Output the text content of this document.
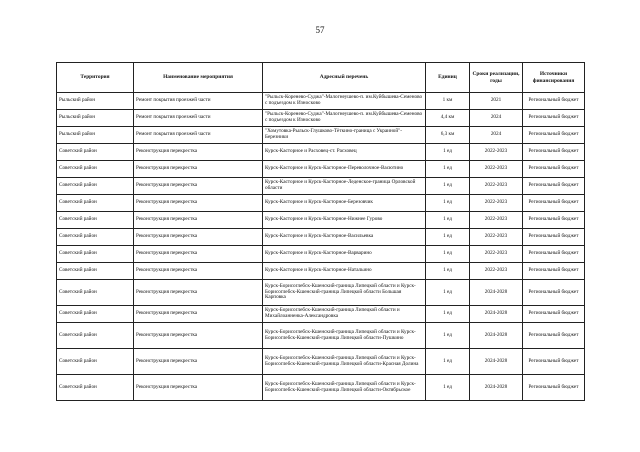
57
Территория	Наименование мероприятия	Адресный перечень	Единиц	Сроки реализации, годы	Источники финансирования
Рыльский район	Ремонт покрытия проезжей части	"Рыльск-Коренево-Суджа"-Малогнеушево-п. им.Куйбышева-Семеново с подъездом к Износково	1 км	2021	Региональный бюджет
Рыльский район	Ремонт покрытия проезжей части	"Рыльск-Коренево-Суджа"-Малогнеушево-п. им.Куйбышева-Семеново с подъездом к Износково	4,4 км	2024	Региональный бюджет
Рыльский район	Ремонт покрытия проезжей части	"Хомутовка-Рыльск-Глушково-Тёткино-граница с Украиной"-Березники	6,3 км	2024	Региональный бюджет
Советский район	Реконструкция перекрестка	Курск-Касторное и Расховец-ст. Расховец	1 ед	2022-2023	Региональный бюджет
Советский район	Реконструкция перекрестка	Курск-Касторное и Курск-Касторное-Переволочное-Васютино	1 ед	2022-2023	Региональный бюджет
Советский район	Реконструкция перекрестка	Курск-Касторное и Курск-Касторное-Леденское-граница Орловской области	1 ед	2022-2023	Региональный бюджет
Советский район	Реконструкция перекрестка	Курск-Касторное и Курск-Касторное-Березовчик	1 ед	2022-2023	Региональный бюджет
Советский район	Реконструкция перекрестка	Курск-Касторное и Курск-Касторное-Нижнее Гурово	1 ед	2022-2023	Региональный бюджет
Советский район	Реконструкция перекрестка	Курск-Касторное и Курск-Касторное-Васильевка	1 ед	2022-2023	Региональный бюджет
Советский район	Реконструкция перекрестка	Курск-Касторное и Курск-Касторное-Варварино	1 ед	2022-2023	Региональный бюджет
Советский район	Реконструкция перекрестка	Курск-Касторное и Курск-Касторное-Натальино	1 ед	2022-2023	Региональный бюджет
Советский район	Реконструкция перекрестка	Курск-Борисоглебск-Кшенский-граница Липецкой области и Курск-Борисоглебск-Кшенский-граница Липецкой области Большая Карповка	1 ед	2024-2028	Региональный бюджет
Советский район	Реконструкция перекрестка	Курск-Борисоглебск-Кшенский-граница Липецкой области и Михайлоанненка-Александровка	1 ед	2024-2028	Региональный бюджет
Советский район	Реконструкция перекрестка	Курск-Борисоглебск-Кшенский-граница Липецкой области и Курск-Борисоглебск-Кшенский-граница Липецкой области-Пушкино	1 ед	2024-2028	Региональный бюджет
Советский район	Реконструкция перекрестка	Курск-Борисоглебск-Кшенский-граница Липецкой области и Курск-Борисоглебск-Кшенский-граница Липецкой области-Красная Долина	1 ед	2024-2028	Региональный бюджет
Советский район	Реконструкция перекрестка	Курск-Борисоглебск-Кшенский-граница Липецкой области и Курск-Борисоглебск-Кшенский-граница Липецкой области-Октябрьское	1 ед	2024-2028	Региональный бюджет
